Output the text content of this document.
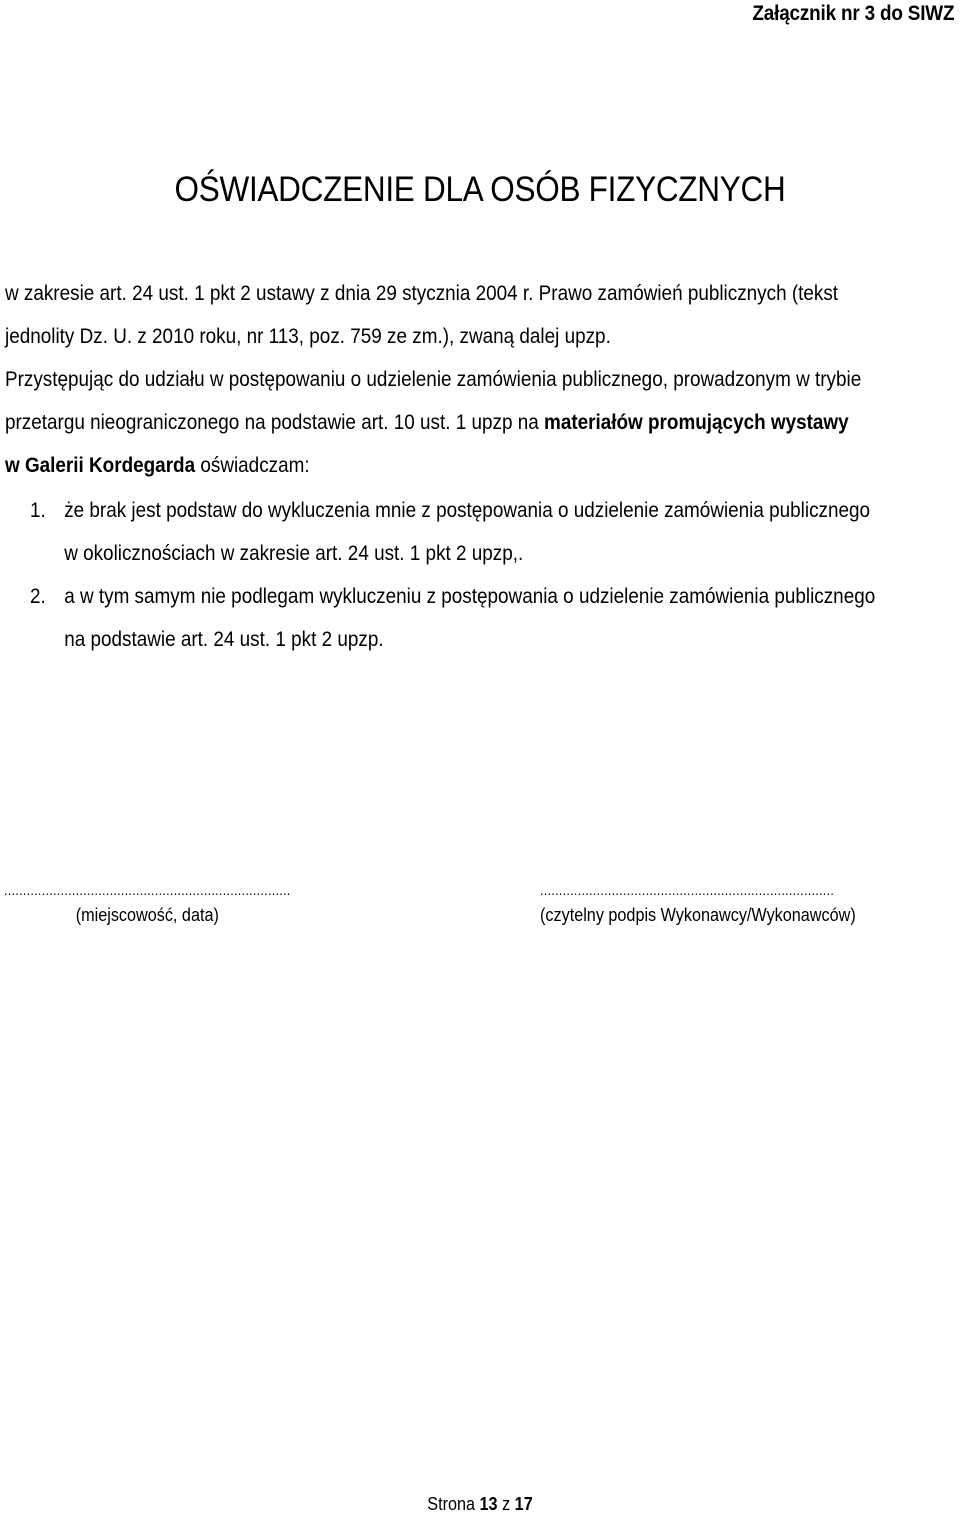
Załącznik nr 3 do SIWZ
OŚWIADCZENIE DLA OSÓB FIZYCZNYCH
w zakresie art. 24 ust. 1 pkt 2 ustawy z dnia 29 stycznia 2004 r. Prawo zamówień publicznych (tekst
jednolity Dz. U. z 2010 roku, nr 113, poz. 759 ze zm.), zwaną dalej upzp.
Przystępując do udziału w postępowaniu o udzielenie zamówienia publicznego, prowadzonym w trybie
przetargu nieograniczonego na podstawie art. 10 ust. 1 upzp na materiałów promujących wystawy
w Galerii Kordegarda oświadczam:
1. że brak jest podstaw do wykluczenia mnie z postępowania o udzielenie zamówienia publicznego
w okolicznościach w zakresie art. 24 ust. 1 pkt 2 upzp,.
2. a w tym samym nie podlegam wykluczeniu z postępowania o udzielenie zamówienia publicznego
na podstawie art. 24 ust. 1 pkt 2 upzp.
............................................................................
(miejscowość, data)
..............................................................................
(czytelny podpis Wykonawcy/Wykonawców)
Strona 13 z 17
